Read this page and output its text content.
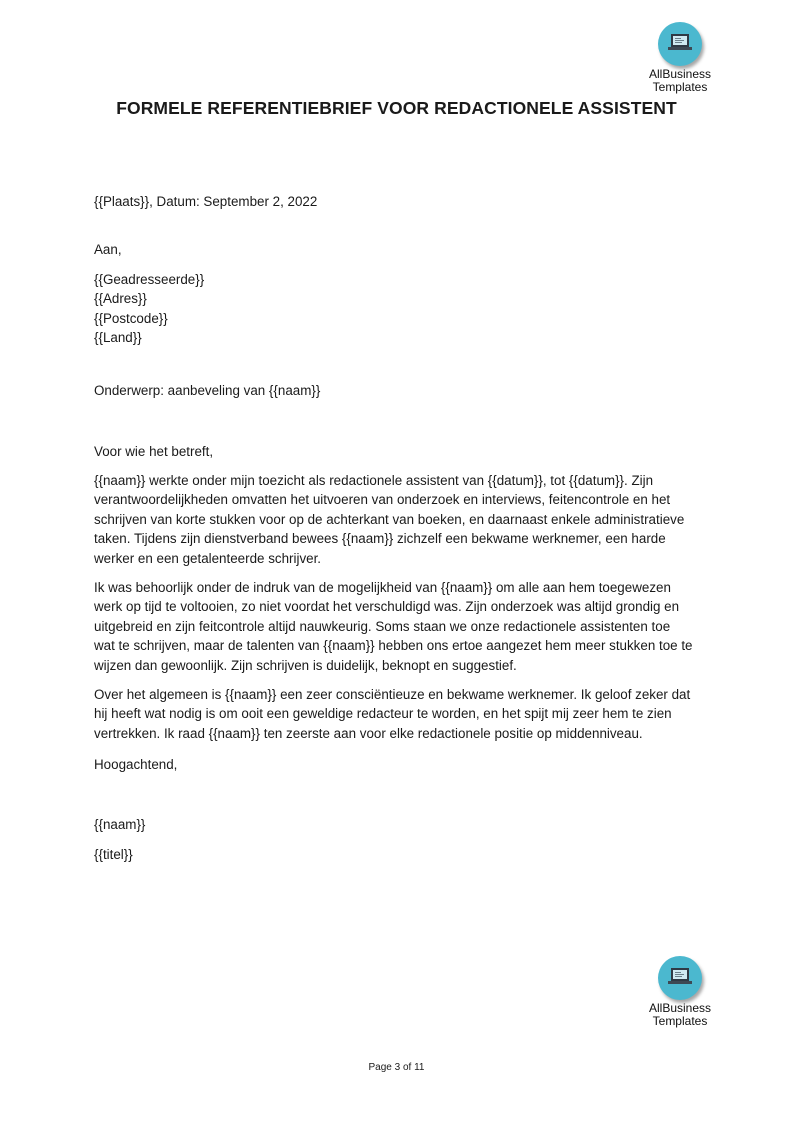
AllBusiness
Templates
FORMELE REFERENTIEBRIEF VOOR REDACTIONELE ASSISTENT
{{Plaats}}, Datum: September 2, 2022
Aan,
{{Geadresseerde}}
{{Adres}}
{{Postcode}}
{{Land}}
Onderwerp: aanbeveling van {{naam}}
Voor wie het betreft,
{{naam}} werkte onder mijn toezicht als redactionele assistent van {{datum}}, tot {{datum}}. Zijn
verantwoordelijkheden omvatten het uitvoeren van onderzoek en interviews, feitencontrole en het
schrijven van korte stukken voor op de achterkant van boeken, en daarnaast enkele administratieve
taken. Tijdens zijn dienstverband bewees {{naam}} zichzelf een bekwame werknemer, een harde
werker en een getalenteerde schrijver.
Ik was behoorlijk onder de indruk van de mogelijkheid van {{naam}} om alle aan hem toegewezen
werk op tijd te voltooien, zo niet voordat het verschuldigd was. Zijn onderzoek was altijd grondig en
uitgebreid en zijn feitcontrole altijd nauwkeurig. Soms staan we onze redactionele assistenten toe
wat te schrijven, maar de talenten van {{naam}} hebben ons ertoe aangezet hem meer stukken toe te
wijzen dan gewoonlijk. Zijn schrijven is duidelijk, beknopt en suggestief.
Over het algemeen is {{naam}} een zeer consciëntieuze en bekwame werknemer. Ik geloof zeker dat
hij heeft wat nodig is om ooit een geweldige redacteur te worden, en het spijt mij zeer hem te zien
vertrekken. Ik raad {{naam}} ten zeerste aan voor elke redactionele positie op middenniveau.
Hoogachtend,
{{naam}}
{{titel}}
AllBusiness
Templates
Page 3 of 11
